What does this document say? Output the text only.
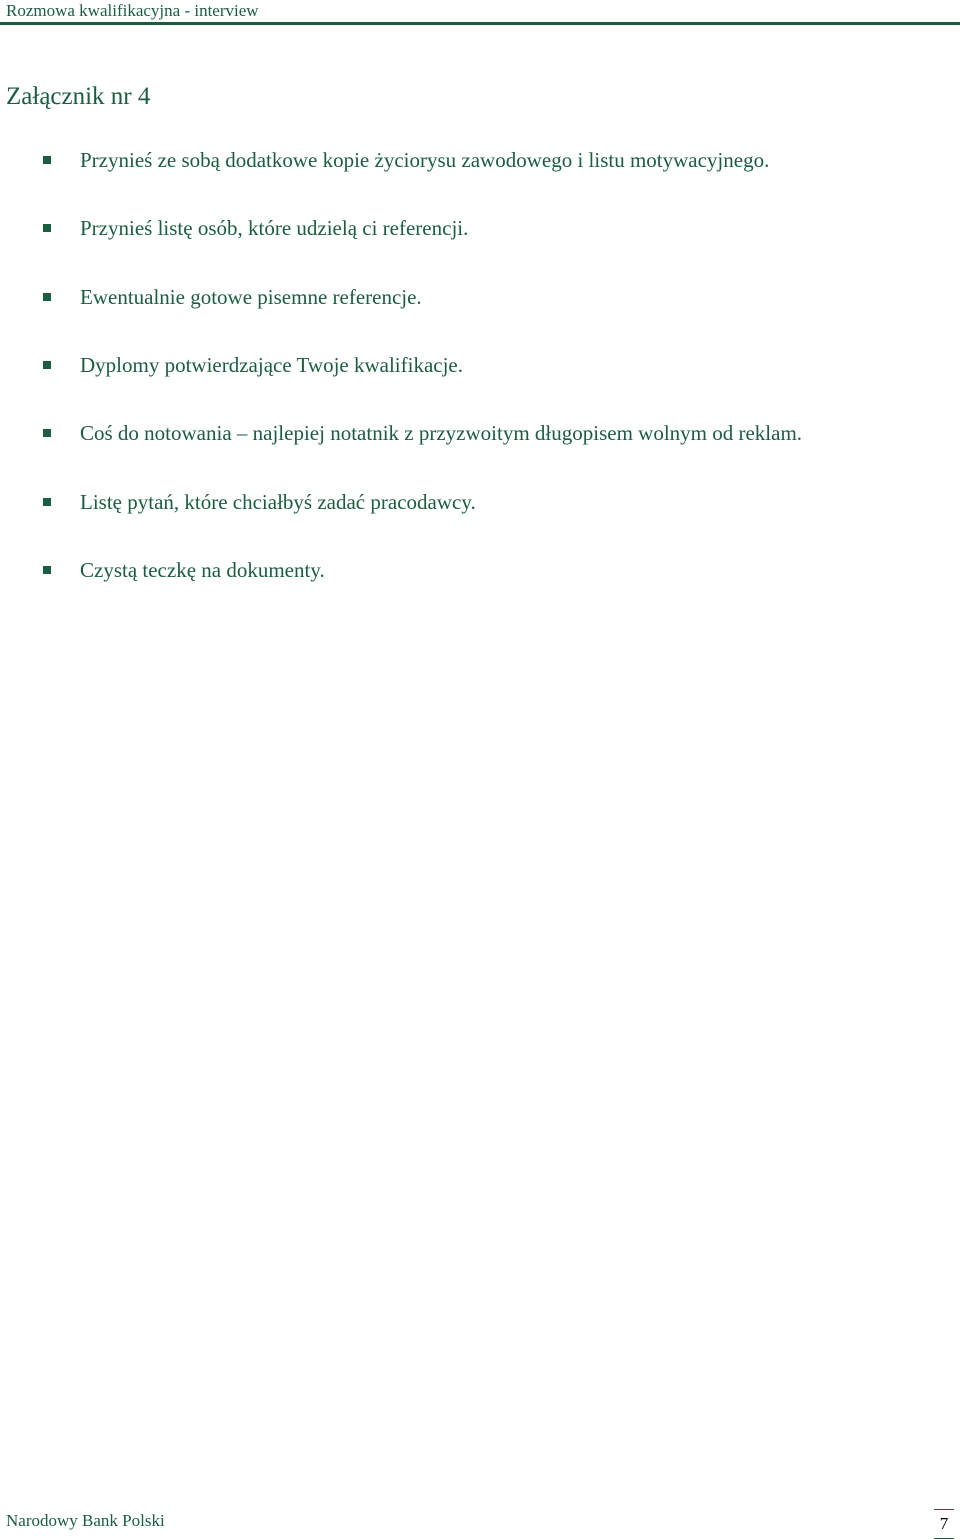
Rozmowa kwalifikacyjna - interview
Załącznik nr 4
Przynieś ze sobą dodatkowe kopie życiorysu zawodowego i listu motywacyjnego.
Przynieś listę osób, które udzielą ci referencji.
Ewentualnie gotowe pisemne referencje.
Dyplomy potwierdzające Twoje kwalifikacje.
Coś do notowania – najlepiej notatnik z przyzwoitym długopisem wolnym od reklam.
Listę pytań, które chciałbyś zadać pracodawcy.
Czystą teczkę na dokumenty.
Narodowy Bank Polski	7
